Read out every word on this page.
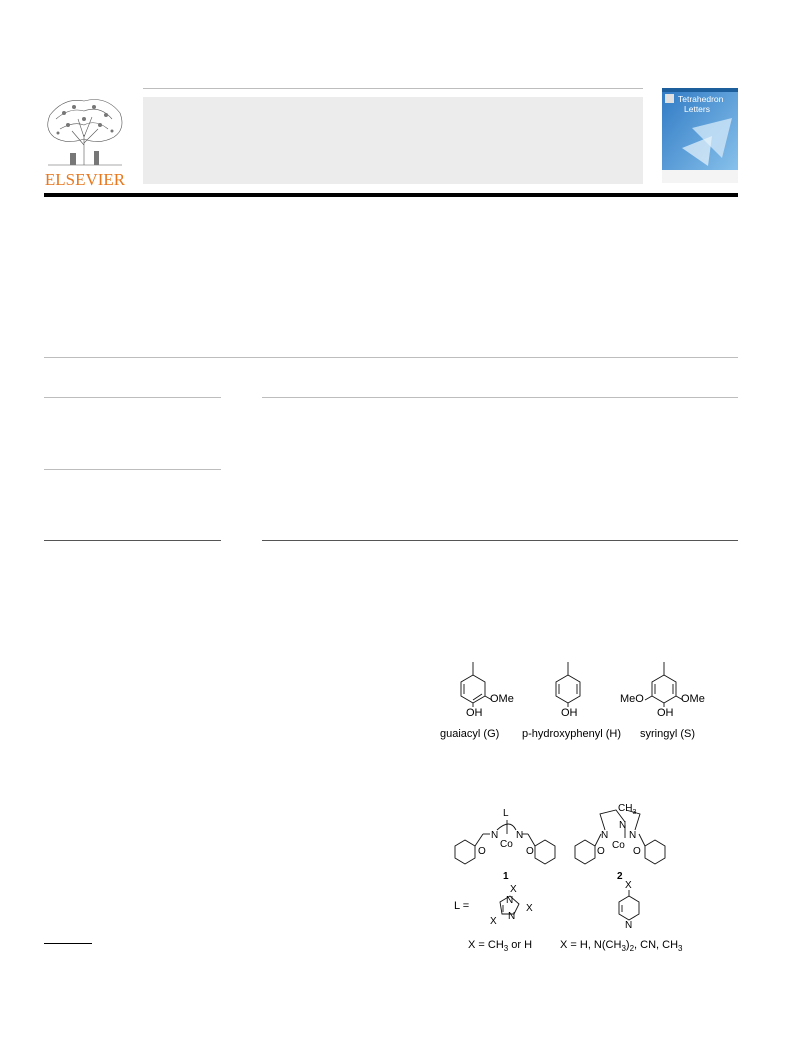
ELSEVIER
Tetrahedron
Letters
OMe
OH	OH
MeO	OMe
OH
guaiacyl (G) p-hydroxyphenyl (H) syringyl (S)
L
N N
Co
O	O
1
$CH_3$
N
N N
Co
O	O
2
L =
X
N
X
N
X
X
N
$X = CH_3$ or H	X = H, $N(CH_3)_2$, CN, $CH_3$
